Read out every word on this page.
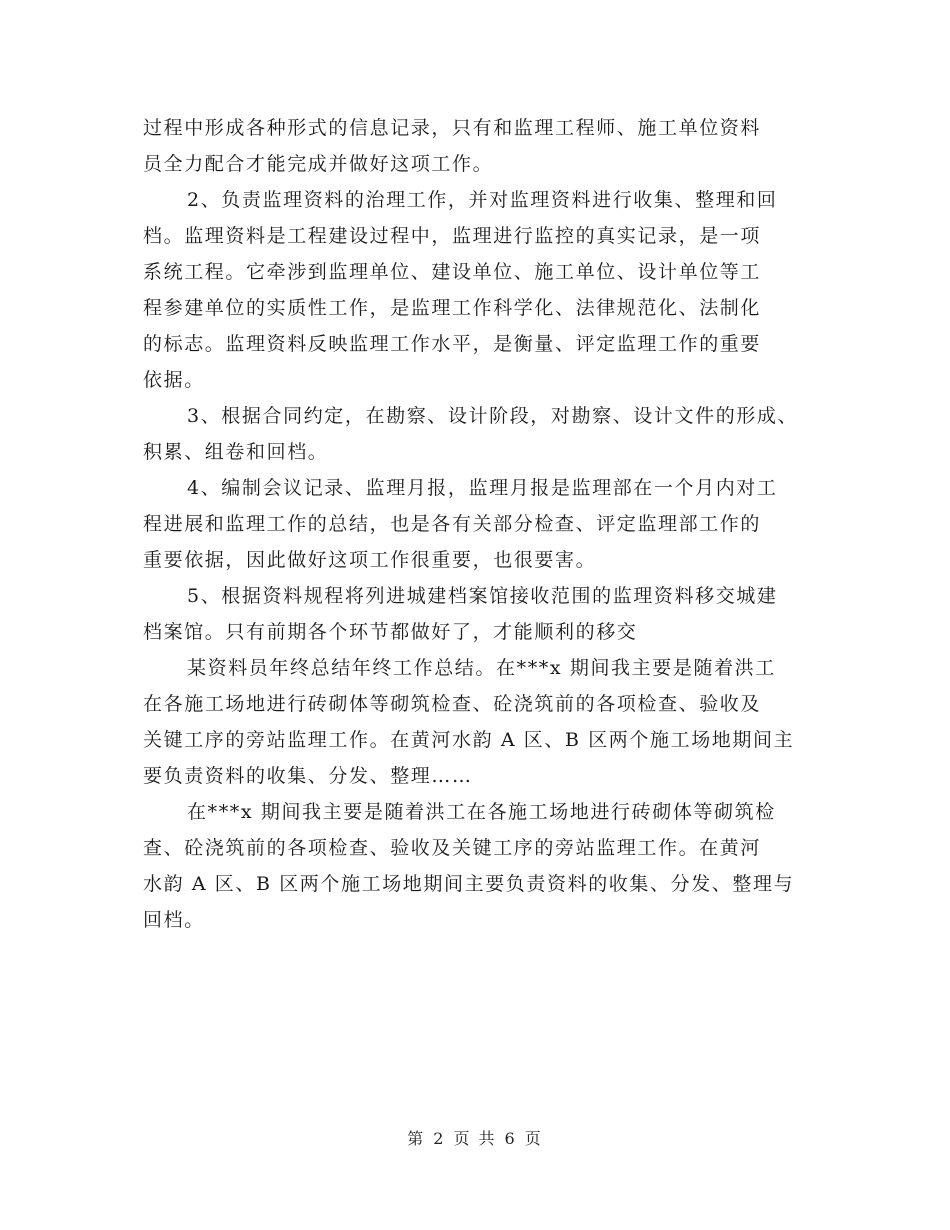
过程中形成各种形式的信息记录，只有和监理工程师、施工单位资料
员全力配合才能完成并做好这项工作。
2、负责监理资料的治理工作，并对监理资料进行收集、整理和回
档。监理资料是工程建设过程中，监理进行监控的真实记录，是一项
系统工程。它牵涉到监理单位、建设单位、施工单位、设计单位等工
程参建单位的实质性工作，是监理工作科学化、法律规范化、法制化
的标志。监理资料反映监理工作水平，是衡量、评定监理工作的重要
依据。
3、根据合同约定，在勘察、设计阶段，对勘察、设计文件的形成、
积累、组卷和回档。
4、编制会议记录、监理月报，监理月报是监理部在一个月内对工
程进展和监理工作的总结，也是各有关部分检查、评定监理部工作的
重要依据，因此做好这项工作很重要，也很要害。
5、根据资料规程将列进城建档案馆接收范围的监理资料移交城建
档案馆。只有前期各个环节都做好了，才能顺利的移交
某资料员年终总结年终工作总结。在***x 期间我主要是随着洪工
在各施工场地进行砖砌体等砌筑检查、砼浇筑前的各项检查、验收及
关键工序的旁站监理工作。在黄河水韵 A 区、B 区两个施工场地期间主
要负责资料的收集、分发、整理……
在***x 期间我主要是随着洪工在各施工场地进行砖砌体等砌筑检
查、砼浇筑前的各项检查、验收及关键工序的旁站监理工作。在黄河
水韵 A 区、B 区两个施工场地期间主要负责资料的收集、分发、整理与
回档。
第 2 页 共 6 页
